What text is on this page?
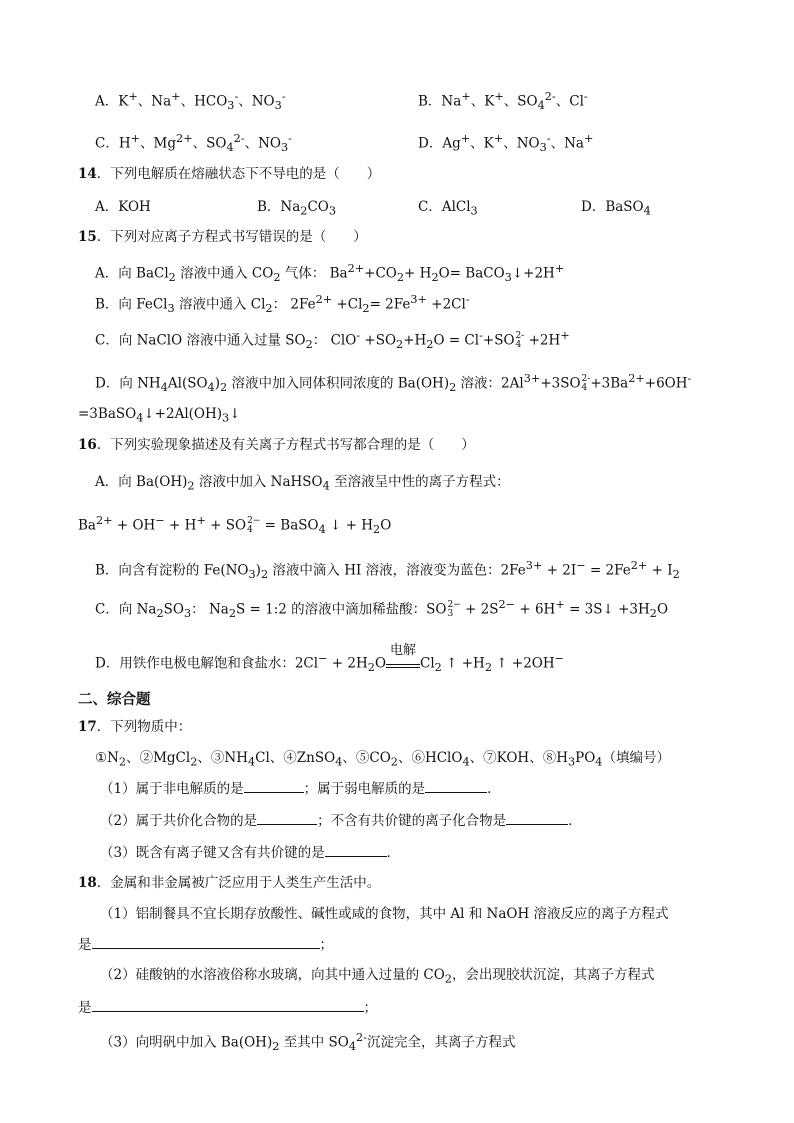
A．K+、Na+、$HCO_3^-$、$NO_3^-$	B．Na+、K+、$SO_4^{2-}$、Cl-
C．H+、$Mg^{2+}$、$SO_4^{2-}$、$NO_3^-$	D．Ag+、K+、$NO_3^-$、Na+
14．下列电解质在熔融状态下不导电的是（　　）
A．KOH	B．$Na_2CO_3$	C．AlCl$_3$	D．BaSO$_4$
15．下列对应离子方程式书写错误的是（　　）
A．向 BaCl$_2$ 溶液中通入 $CO_2$ 气体： $Ba^{2+}+CO_2+ H_2O=$ BaCO$_3$↓+2H+
B．向 FeCl$_3$ 溶液中通入 $Cl_2$： $2Fe^{2+} +Cl_2= 2Fe^{3+} +2Cl^-$
C．向 NaClO 溶液中通入过量 $SO_2$： $ClO^- +SO_2+H_2O = Cl^-+SO$ 2-
4 +2H+
D．向 $NH_4Al(SO_4)_2$ 溶液中加入同体积同浓度的 $Ba(OH)_2$ 溶液：$2Al^{3+}+3SO$ 2-
$4 +3Ba^{2+}+6OH^-$
$=3BaSO_4↓+2Al(OH)_3↓$
16．下列实验现象描述及有关离子方程式书写都合理的是（　　）
A．向 $Ba(OH)_2$ 溶液中加入 NaHSO$_4$ 至溶液呈中性的离子方程式：
$Ba^{2+} + OH^- + H^+$ + SO 2−
4 = BaSO$_4$ ↓ + $H_2O$
B．向含有淀粉的 $Fe(NO_3)_2$ 溶液中滴入 HI 溶液，溶液变为蓝色：$2Fe^{3+} + 2I^- = 2Fe^{2+} + I_2$
C．向 $Na_2SO_3$： $Na_2S$ = 1:2 的溶液中滴加稀盐酸：SO 2−
$3 + 2S^{2-} + 6H^+$ = 3S↓ $+3H_2O$
D．用铁作电极电解饱和食盐水：$2Cl^- + 2H_2O$
电解
$Cl_2$ ↑ $+H_2$ ↑ +2OH−
二、综合题
17．下列物质中：
$①N_2$、②MgCl$_2$、$③NH_4Cl$、④ZnSO$_4$、$⑤CO_2$、⑥HClO$_4$、⑦KOH、$⑧H_3PO_4$（填编号）
（1）属于非电解质的是	；属于弱电解质的是	．
（2）属于共价化合物的是	；不含有共价键的离子化合物是	．
（3）既含有离子键又含有共价键的是	．
18．金属和非金属被广泛应用于人类生产生活中。
（1）铝制餐具不宜长期存放酸性、碱性或咸的食物，其中 Al 和 NaOH 溶液反应的离子方程式
是	；
（2）硅酸钠的水溶液俗称水玻璃，向其中通入过量的 $CO_2$，会出现胶状沉淀，其离子方程式
是	；
（3）向明矾中加入 $Ba(OH)_2$ 至其中 $SO_4^{2-}$沉淀完全，其离子方程式
